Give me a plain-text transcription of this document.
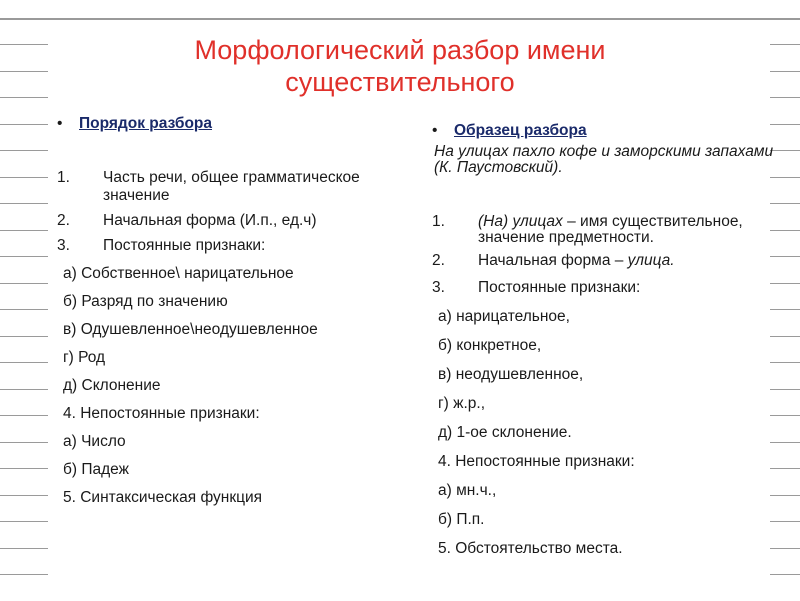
Морфологический разбор имени
существительного
•	Порядок разбора
1.	Часть речи, общее грамматическое значение
2.	Начальная форма (И.п., ед.ч)
3.	Постоянные признаки:
а) Собственное\ нарицательное
б) Разряд по значению
в) Одушевленное\неодушевленное
г) Род
д) Склонение
4. Непостоянные признаки:
а) Число
б) Падеж
5. Синтаксическая функция
•	Образец разбора
На улицах пахло кофе и заморскими запахами (К. Паустовский).
1.	(На) улицах – имя существительное, значение предметности.
2.	Начальная форма – улица.
3.	Постоянные признаки:
а) нарицательное,
б) конкретное,
в) неодушевленное,
г) ж.р.,
д) 1-ое склонение.
4. Непостоянные признаки:
а) мн.ч.,
б) П.п.
5. Обстоятельство места.
